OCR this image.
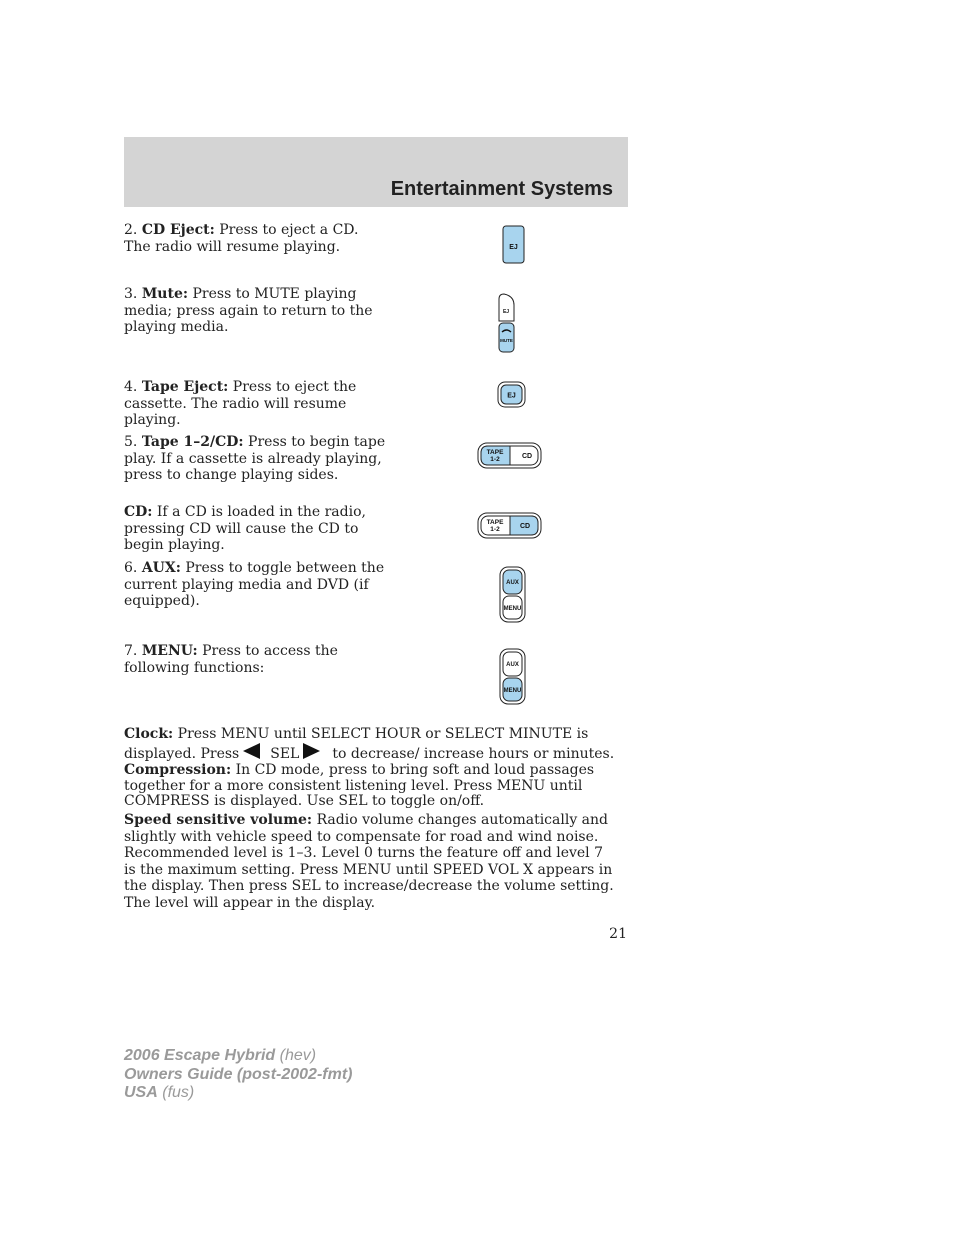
Entertainment Systems

2. CD Eject: Press to eject a CD. The radio will resume playing.

3. Mute: Press to MUTE playing media; press again to return to the playing media.

4. Tape Eject: Press to eject the cassette. The radio will resume playing.

5. Tape 1–2/CD: Press to begin tape play. If a cassette is already playing, press to change playing sides.

CD: If a CD is loaded in the radio, pressing CD will cause the CD to begin playing.

6. AUX: Press to toggle between the current playing media and DVD (if equipped).

7. MENU: Press to access the following functions:

EJ
EJ
MUTE
EJ
TAPE
1-2	CD
TAPE
1-2	CD
AUX
MENU
AUX
MENU

Clock: Press MENU until SELECT HOUR or SELECT MINUTE is displayed. Press SEL to decrease/ increase hours or minutes.

Compression: In CD mode, press to bring soft and loud passages together for a more consistent listening level. Press MENU until COMPRESS is displayed. Use SEL to toggle on/off.

Speed sensitive volume: Radio volume changes automatically and slightly with vehicle speed to compensate for road and wind noise. Recommended level is 1–3. Level 0 turns the feature off and level 7 is the maximum setting. Press MENU until SPEED VOL X appears in the display. Then press SEL to increase/decrease the volume setting. The level will appear in the display.

21
2006 Escape Hybrid (hev)
Owners Guide (post-2002-fmt)
USA (fus)
